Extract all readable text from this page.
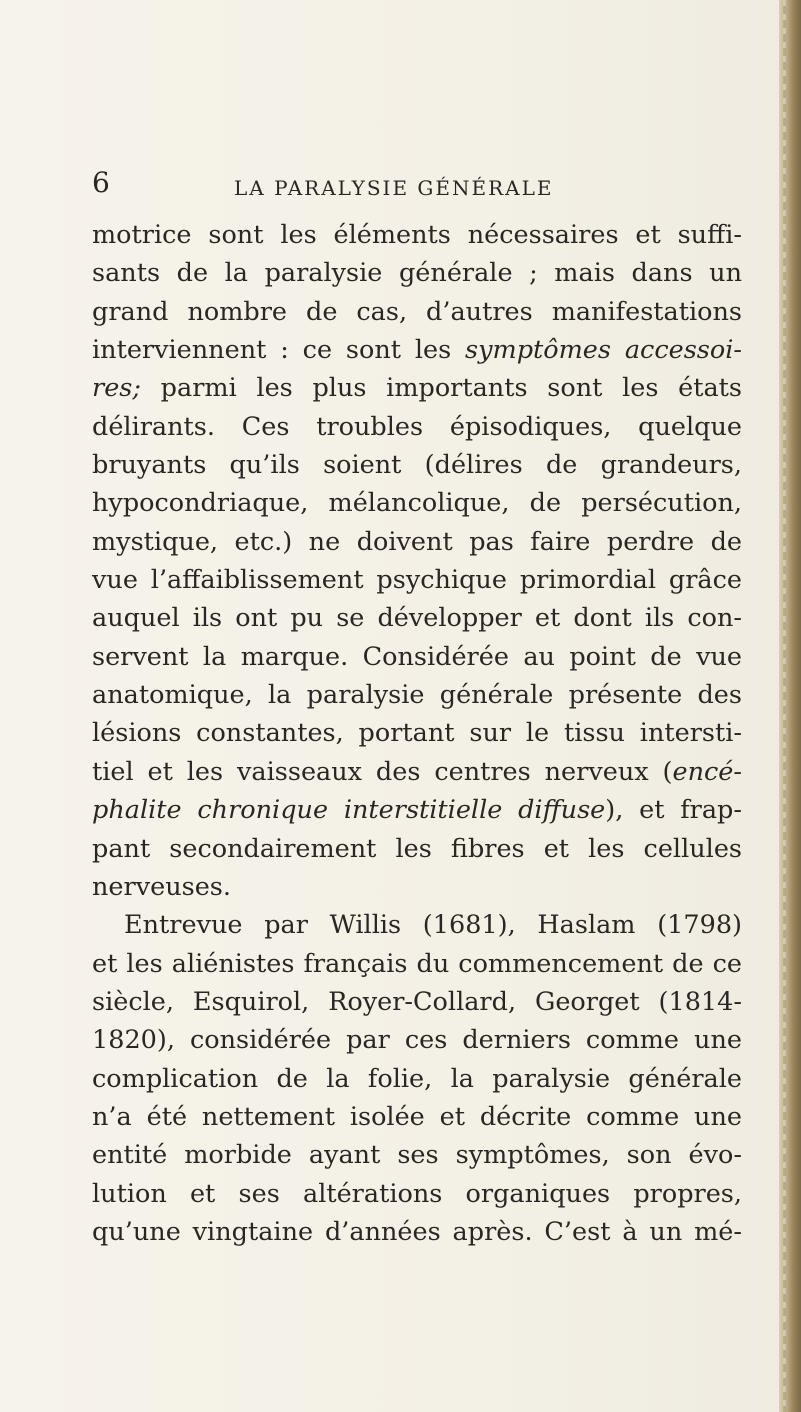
6	LA PARALYSIE GÉNÉRALE
motrice sont les éléments nécessaires et suffi-
sants de la paralysie générale ; mais dans un
grand nombre de cas, d’autres manifestations
interviennent : ce sont les symptômes accessoi-
res; parmi les plus importants sont les états
délirants. Ces troubles épisodiques, quelque
bruyants qu’ils soient (délires de grandeurs,
hypocondriaque, mélancolique, de persécution,
mystique, etc.) ne doivent pas faire perdre de
vue l’affaiblissement psychique primordial grâce
auquel ils ont pu se développer et dont ils con-
servent la marque. Considérée au point de vue
anatomique, la paralysie générale présente des
lésions constantes, portant sur le tissu intersti-
tiel et les vaisseaux des centres nerveux (encé-
phalite chronique interstitielle diffuse), et frap-
pant secondairement les fibres et les cellules
nerveuses.
Entrevue par Willis (1681), Haslam (1798)
et les aliénistes français du commencement de ce
siècle, Esquirol, Royer-Collard, Georget (1814-
1820), considérée par ces derniers comme une
complication de la folie, la paralysie générale
n’a été nettement isolée et décrite comme une
entité morbide ayant ses symptômes, son évo-
lution et ses altérations organiques propres,
qu’une vingtaine d’années après. C’est à un mé-
